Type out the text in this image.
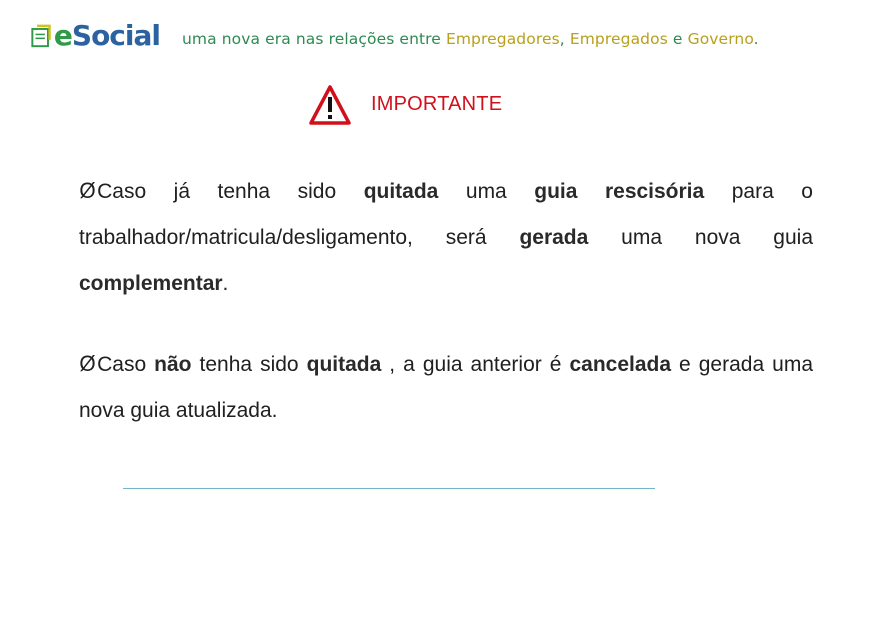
eSocial uma nova era nas relações entre Empregadores, Empregados e Governo.
IMPORTANTE
ØCaso já tenha sido quitada uma guia rescisória para o trabalhador/matricula/desligamento, será gerada uma nova guia complementar.
ØCaso não tenha sido quitada , a guia anterior é cancelada e gerada uma nova guia atualizada.
